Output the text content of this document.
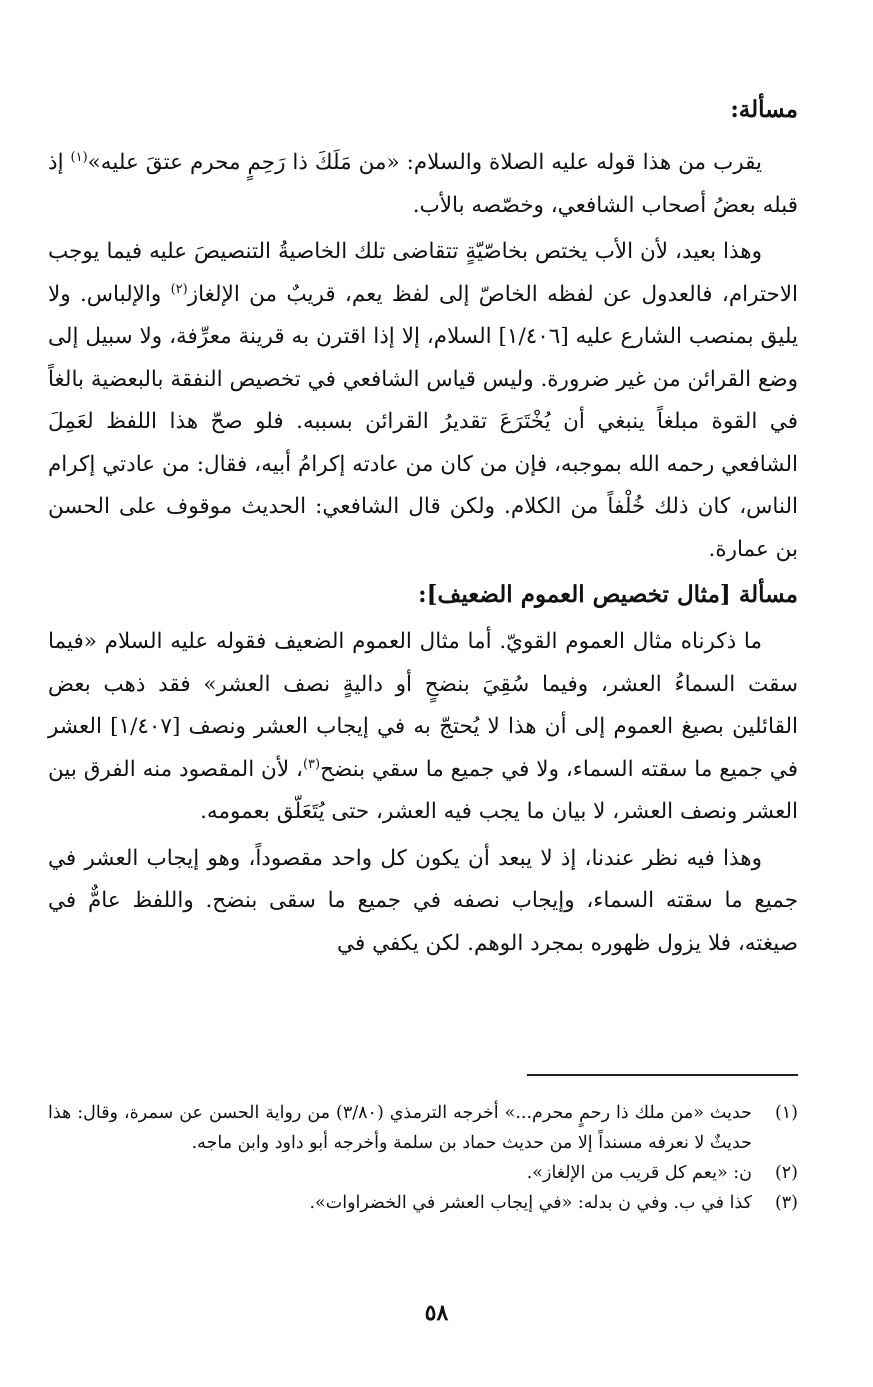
مسألة:

يقرب من هذا قوله عليه الصلاة والسلام: «من مَلَكَ ذا رَحِمٍ محرم عتقَ عليه»$^{(١)}$ إذ قبله بعضُ أصحاب الشافعي، وخصّصه بالأب.

وهذا بعيد، لأن الأب يختص بخاصّيّةٍ تتقاضى تلك الخاصيةُ التنصيصَ عليه فيما يوجب الاحترام، فالعدول عن لفظه الخاصّ إلى لفظ يعم، قريبٌ من الإلغاز$^{(٢)}$ والإلباس. ولا يليق بمنصب الشارع عليه [١/٤٠٦] السلام، إلا إذا اقترن به قرينة معرِّفة، ولا سبيل إلى وضع القرائن من غير ضرورة. وليس قياس الشافعي في تخصيص النفقة بالبعضية بالغاً في القوة مبلغاً ينبغي أن يُخْتَرَعَ تقديرُ القرائن بسببه. فلو صحّ هذا اللفظ لعَمِلَ الشافعي رحمه الله بموجبه، فإن من كان من عادته إكرامُ أبيه، فقال: من عادتي إكرام الناس، كان ذلك خُلْفاً من الكلام. ولكن قال الشافعي: الحديث موقوف على الحسن بن عمارة.

مسألة [مثال تخصيص العموم الضعيف]:

ما ذكرناه مثال العموم القويّ. أما مثال العموم الضعيف فقوله عليه السلام «فيما سقت السماءُ العشر، وفيما سُقِيَ بنضحٍ أو داليةٍ نصف العشر» فقد ذهب بعض القائلين بصيغ العموم إلى أن هذا لا يُحتجّ به في إيجاب العشر ونصف [١/٤٠٧] العشر في جميع ما سقته السماء، ولا في جميع ما سقي بنضح$^{(٣)}$، لأن المقصود منه الفرق بين العشر ونصف العشر، لا بيان ما يجب فيه العشر، حتى يُتَعَلّق بعمومه.

وهذا فيه نظر عندنا، إذ لا يبعد أن يكون كل واحد مقصوداً، وهو إيجاب العشر في جميع ما سقته السماء، وإيجاب نصفه في جميع ما سقى بنضح. واللفظ عامٌّ في صيغته، فلا يزول ظهوره بمجرد الوهم. لكن يكفي في

(١)
حديث «من ملك ذا رحمٍ محرم...» أخرجه الترمذي (٣/٨٠) من رواية الحسن عن سمرة، وقال: هذا حديثٌ لا نعرفه مسنداً إلا من حديث حماد بن سلمة وأخرجه أبو داود وابن ماجه.
(٢)
ن: «يعم كل قريب من الإلغاز».
(٣)
كذا في ب. وفي ن بدله: «في إيجاب العشر في الخضراوات».
٥٨
